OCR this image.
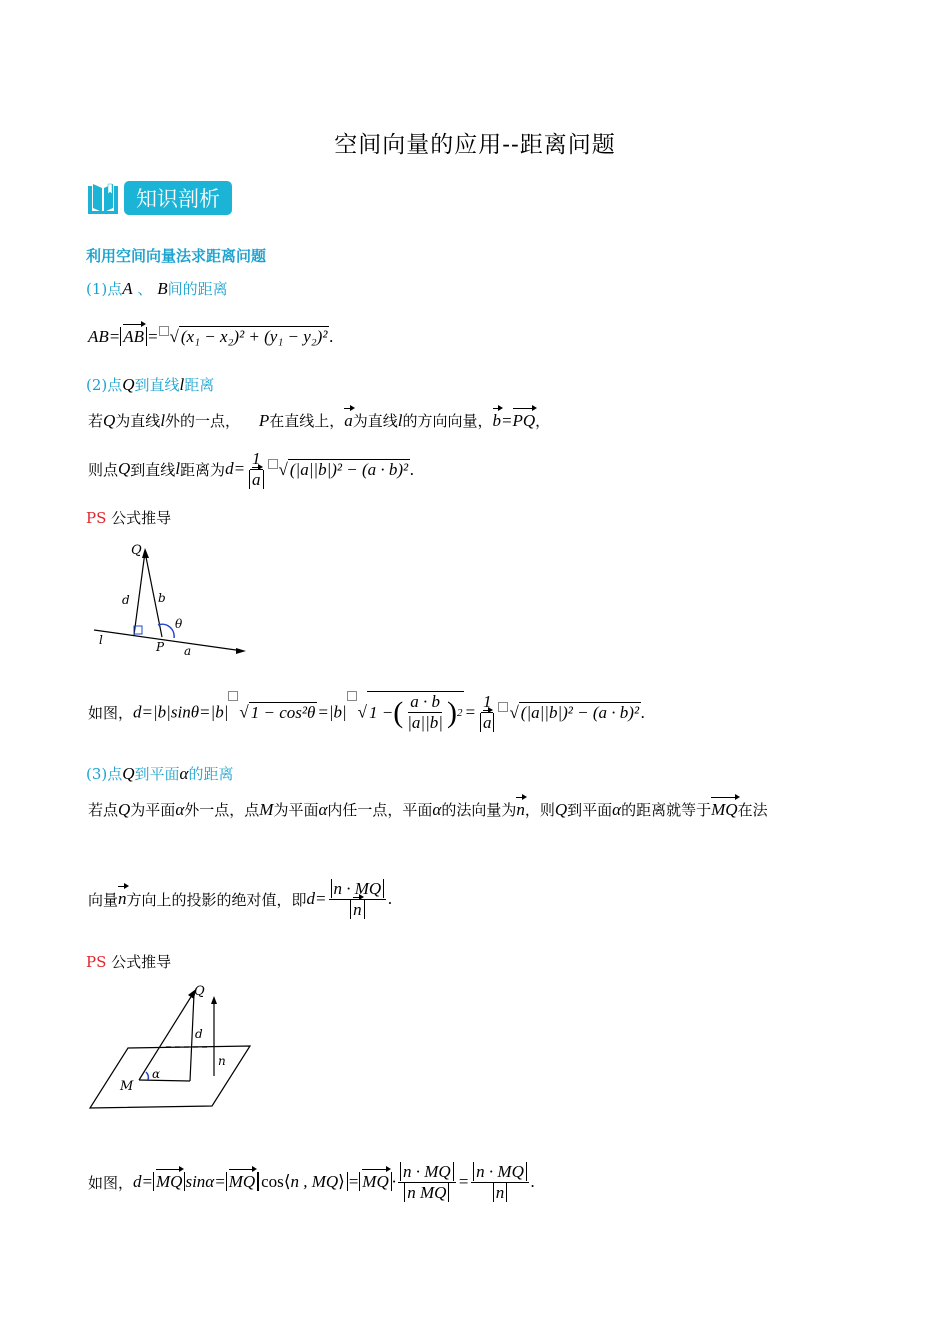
空间向量的应用--距离问题
知识剖析
利用空间向量法求距离问题
(1)点A 、 B间的距离
AB= AB = √ (x₁ − x₂)² + (y₁ − y₂)² .
(2)点Q到直线l距离
若Q为直线l外的一点， P在直线上，a为直线l的方向向量，b=PQ，
则点 Q 到直线 l 距离为 $d= \frac{1}{a}$ √ (|a||b|)² − (a · b)² .
PS 公式推导
Q
d b
θ
l	P a
如图， d=|b|sinθ=|b| √ 1 − cos²θ =|b| √ 1 − ( $\frac{a \cdot b}{|a||b|}$ ) $2 = \frac{1}{a}$ √ (|a||b|)² − (a · b)² .
(3)点Q到平面α的距离
若点Q为平面α外一点，点M为平面α内任一点，平面α的法向量为n，则Q到平面α的距离就等于MQ在法
向量 n 方向上的投影的绝对值，即 $d= \frac{n \cdot MQ}{n}$ .
PS 公式推导
Q
d
n
M
α
如图， d= MQ sinα= MQ cos⟨n , MQ⟩ = MQ · $\frac{n \cdot MQ}{\text{n MQ}} = \frac{n \cdot MQ}{n}$ .
